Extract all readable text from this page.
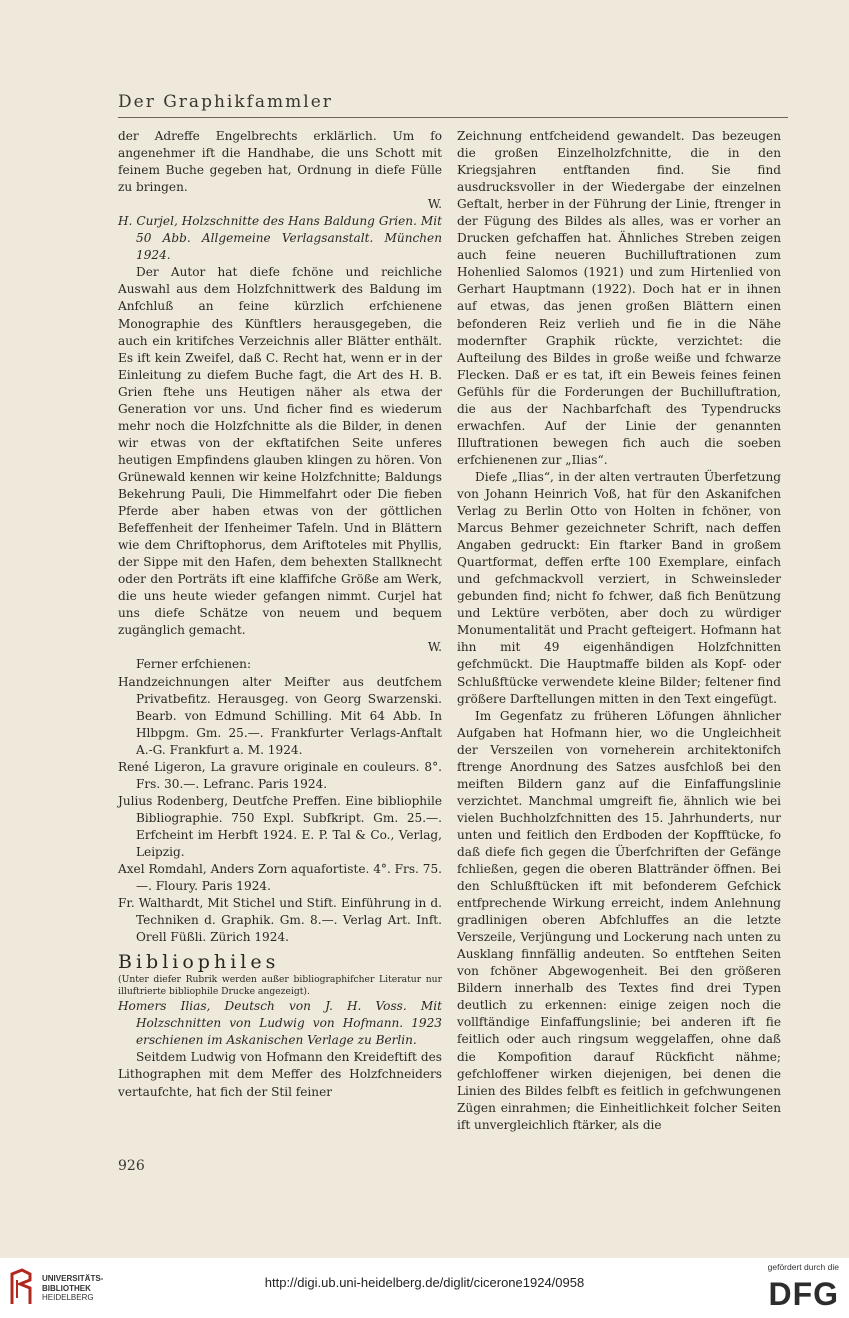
Der Graphikfammler

der Adreffe Engelbrechts erklärlich. Um fo angenehmer ift die Handhabe, die uns Schott mit feinem Buche gegeben hat, Ordnung in diefe Fülle zu bringen.

W.

H. Curjel, Holzschnitte des Hans Baldung Grien. Mit 50 Abb. Allgemeine Verlagsanstalt. München 1924.

Der Autor hat diefe fchöne und reichliche Auswahl aus dem Holzfchnittwerk des Baldung im Anfchluß an feine kürzlich erfchienene Monographie des Künftlers herausgegeben, die auch ein kritifches Verzeichnis aller Blätter enthält. Es ift kein Zweifel, daß C. Recht hat, wenn er in der Einleitung zu diefem Buche fagt, die Art des H. B. Grien ftehe uns Heutigen näher als etwa der Generation vor uns. Und ficher find es wiederum mehr noch die Holzfchnitte als die Bilder, in denen wir etwas von der ekftatifchen Seite unferes heutigen Empfindens glauben klingen zu hören. Von Grünewald kennen wir keine Holzfchnitte; Baldungs Bekehrung Pauli, Die Himmelfahrt oder Die fieben Pferde aber haben etwas von der göttlichen Befeffenheit der Ifenheimer Tafeln. Und in Blättern wie dem Chriftophorus, dem Ariftoteles mit Phyllis, der Sippe mit den Hafen, dem behexten Stallknecht oder den Porträts ift eine klaffifche Größe am Werk, die uns heute wieder gefangen nimmt. Curjel hat uns diefe Schätze von neuem und bequem zugänglich gemacht.

W.

Ferner erfchienen:

Handzeichnungen alter Meifter aus deutfchem Privatbefitz. Herausgeg. von Georg Swarzenski. Bearb. von Edmund Schilling. Mit 64 Abb. In Hlbpgm. Gm. 25.—. Frankfurter Verlags-Anftalt A.-G. Frankfurt a. M. 1924.

René Ligeron, La gravure originale en couleurs. 8°. Frs. 30.—. Lefranc. Paris 1924.

Julius Rodenberg, Deutfche Preffen. Eine bibliophile Bibliographie. 750 Expl. Subfkript. Gm. 25.—. Erfcheint im Herbft 1924. E. P. Tal & Co., Verlag, Leipzig.

Axel Romdahl, Anders Zorn aquafortiste. 4°. Frs. 75.—. Floury. Paris 1924.

Fr. Walthardt, Mit Stichel und Stift. Einführung in d. Techniken d. Graphik. Gm. 8.—. Verlag Art. Inft. Orell Füßli. Zürich 1924.

Bibliophiles

(Unter diefer Rubrik werden außer bibliographifcher Literatur nur illuftrierte bibliophile Drucke angezeigt).

Homers Ilias, Deutsch von J. H. Voss. Mit Holzschnitten von Ludwig von Hofmann. 1923 erschienen im Askanischen Verlage zu Berlin.

Seitdem Ludwig von Hofmann den Kreideftift des Lithographen mit dem Meffer des Holzfchneiders vertaufchte, hat fich der Stil feiner

Zeichnung entfcheidend gewandelt. Das bezeugen die großen Einzelholzfchnitte, die in den Kriegsjahren entftanden find. Sie find ausdrucksvoller in der Wiedergabe der einzelnen Geftalt, herber in der Führung der Linie, ftrenger in der Fügung des Bildes als alles, was er vorher an Drucken gefchaffen hat. Ähnliches Streben zeigen auch feine neueren Buchilluftrationen zum Hohenlied Salomos (1921) und zum Hirtenlied von Gerhart Hauptmann (1922). Doch hat er in ihnen auf etwas, das jenen großen Blättern einen befonderen Reiz verlieh und fie in die Nähe modernfter Graphik rückte, verzichtet: die Aufteilung des Bildes in große weiße und fchwarze Flecken. Daß er es tat, ift ein Beweis feines feinen Gefühls für die Forderungen der Buchilluftration, die aus der Nachbarfchaft des Typendrucks erwachfen. Auf der Linie der genannten Illuftrationen bewegen fich auch die soeben erfchienenen zur „Ilias“.

Diefe „Ilias“, in der alten vertrauten Überfetzung von Johann Heinrich Voß, hat für den Askanifchen Verlag zu Berlin Otto von Holten in fchöner, von Marcus Behmer gezeichneter Schrift, nach deffen Angaben gedruckt: Ein ftarker Band in großem Quartformat, deffen erfte 100 Exemplare, einfach und gefchmackvoll verziert, in Schweinsleder gebunden find; nicht fo fchwer, daß fich Benützung und Lektüre verböten, aber doch zu würdiger Monumentalität und Pracht gefteigert. Hofmann hat ihn mit 49 eigenhändigen Holzfchnitten gefchmückt. Die Hauptmaffe bilden als Kopf- oder Schlußftücke verwendete kleine Bilder; feltener find größere Darftellungen mitten in den Text eingefügt.

Im Gegenfatz zu früheren Löfungen ähnlicher Aufgaben hat Hofmann hier, wo die Ungleichheit der Verszeilen von vorneherein architektonifch ftrenge Anordnung des Satzes ausfchloß bei den meiften Bildern ganz auf die Einfaffungslinie verzichtet. Manchmal umgreift fie, ähnlich wie bei vielen Buchholzfchnitten des 15. Jahrhunderts, nur unten und feitlich den Erdboden der Kopfftücke, fo daß diefe fich gegen die Überfchriften der Gefänge fchließen, gegen die oberen Blattränder öffnen. Bei den Schlußftücken ift mit befonderem Gefchick entfprechende Wirkung erreicht, indem Anlehnung gradlinigen oberen Abfchluffes an die letzte Verszeile, Verjüngung und Lockerung nach unten zu Ausklang finnfällig andeuten. So entftehen Seiten von fchöner Abgewogenheit. Bei den größeren Bildern innerhalb des Textes find drei Typen deutlich zu erkennen: einige zeigen noch die vollftändige Einfaffungslinie; bei anderen ift fie feitlich oder auch ringsum weggelaffen, ohne daß die Kompofition darauf Rückficht nähme; gefchloffener wirken diejenigen, bei denen die Linien des Bildes felbft es feitlich in gefchwungenen Zügen einrahmen; die Einheitlichkeit folcher Seiten ift unvergleichlich ftärker, als die

926
UNIVERSITÄTS-
BIBLIOTHEK
HEIDELBERG
http://digi.ub.uni-heidelberg.de/diglit/cicerone1924/0958
gefördert durch die
DFG
